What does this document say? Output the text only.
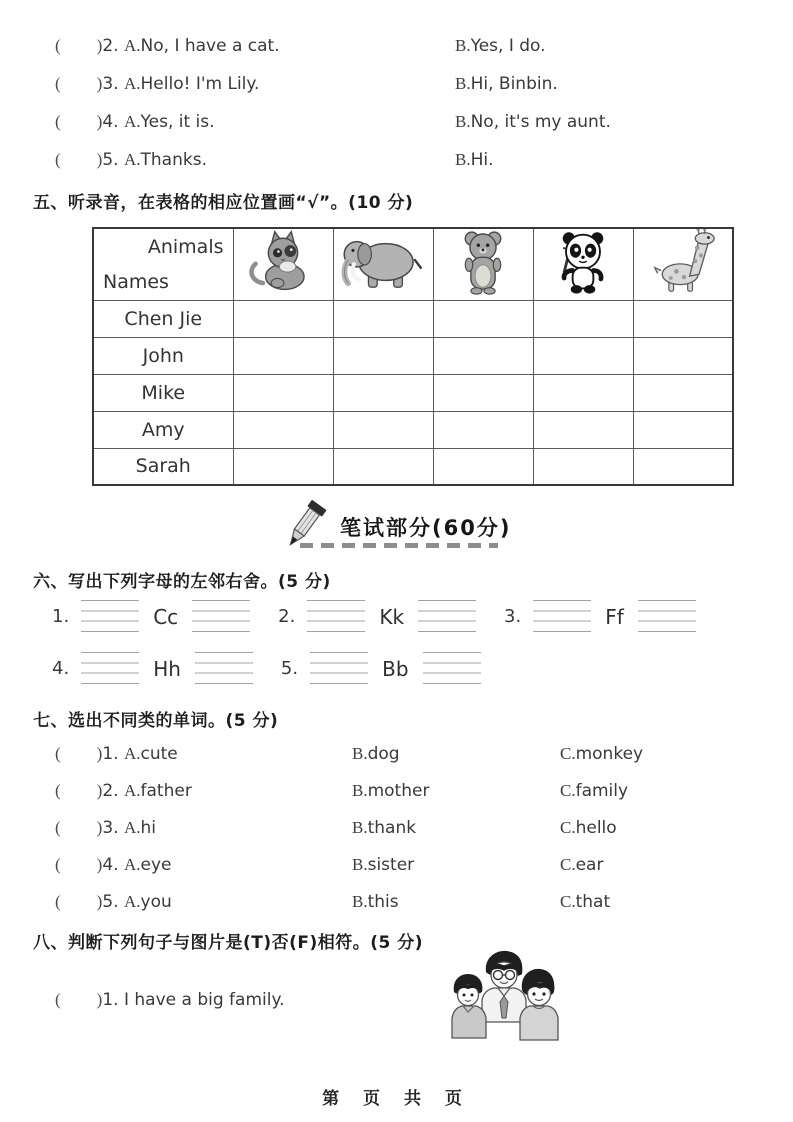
( ) 2.
A. No, I have a cat.	B. Yes, I do.
( ) 3.
A. Hello! I'm Lily.	B. Hi, Binbin.
( ) 4.
A. Yes, it is.	B. No, it's my aunt.
( ) 5.
A. Thanks.	B. Hi.
五、听录音，在表格的相应位置画“√”。(10 分)
Animals
Names

Chen Jie					
John					
Mike					
Amy					
Sarah					
笔试部分(60分)
六、写出下列字母的左邻右舍。(5 分)
1.	Cc	2.	Kk	3.	Ff
4.	Hh	5.	Bb
七、选出不同类的单词。(5 分)
( ) 1.
A. cute	B.dog	C.monkey
( ) 2.
A. father	B.mother	C.family
( ) 3.
A. hi	B.thank	C.hello
( ) 4.
A. eye	B.sister	C.ear
( ) 5.
A. you	B.this	C.that
八、判断下列句子与图片是(T)否(F)相符。(5 分)
( ) 1.
I have a big family.
第 页 共 页
